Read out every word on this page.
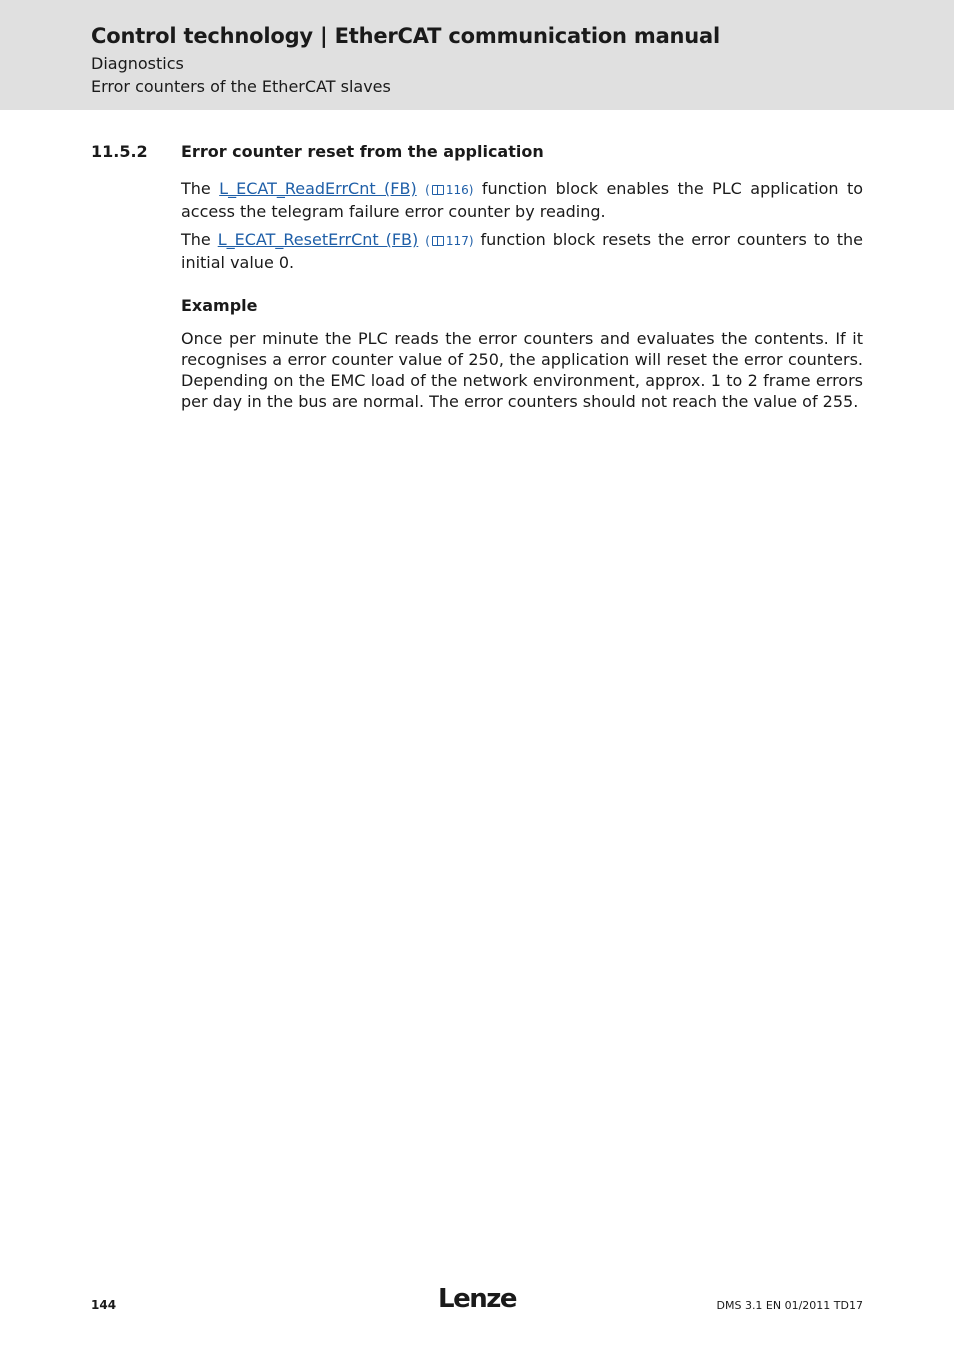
Control technology | EtherCAT communication manual
Diagnostics
Error counters of the EtherCAT slaves
11.5.2 Error counter reset from the application
The L_ECAT_ReadErrCnt (FB) ( 116) function block enables the PLC application to access the telegram failure error counter by reading.
The L_ECAT_ResetErrCnt (FB) ( 117) function block resets the error counters to the initial value 0.
Example
Once per minute the PLC reads the error counters and evaluates the contents. If it recognises a error counter value of 250, the application will reset the error counters. Depending on the EMC load of the network environment, approx. 1 to 2 frame errors per day in the bus are normal. The error counters should not reach the value of 255.
144	Lenze	DMS 3.1 EN 01/2011 TD17
